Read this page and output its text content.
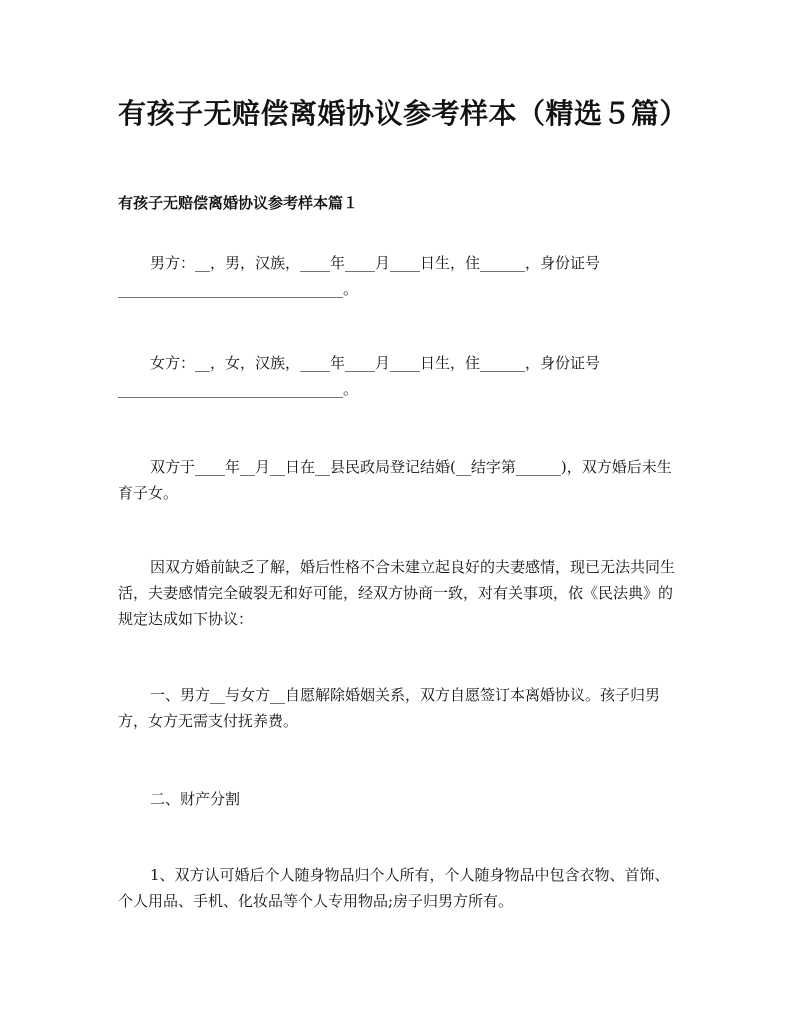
有孩子无赔偿离婚协议参考样本（精选５篇）
有孩子无赔偿离婚协议参考样本篇１

男方：__，男，汉族，____年____月____日生，住______，身份证号
______________________________。

女方：__，女，汉族，____年____月____日生，住______，身份证号
______________________________。

双方于____年__月__日在__县民政局登记结婚(__结字第______)，双方婚后未生育子女。

因双方婚前缺乏了解，婚后性格不合未建立起良好的夫妻感情，现已无法共同生活，夫妻感情完全破裂无和好可能，经双方协商一致，对有关事项，依《民法典》的规定达成如下协议：

一、男方__与女方__自愿解除婚姻关系，双方自愿签订本离婚协议。孩子归男方，女方无需支付抚养费。

二、财产分割

1、双方认可婚后个人随身物品归个人所有，个人随身物品中包含衣物、首饰、个人用品、手机、化妆品等个人专用物品;房子归男方所有。
